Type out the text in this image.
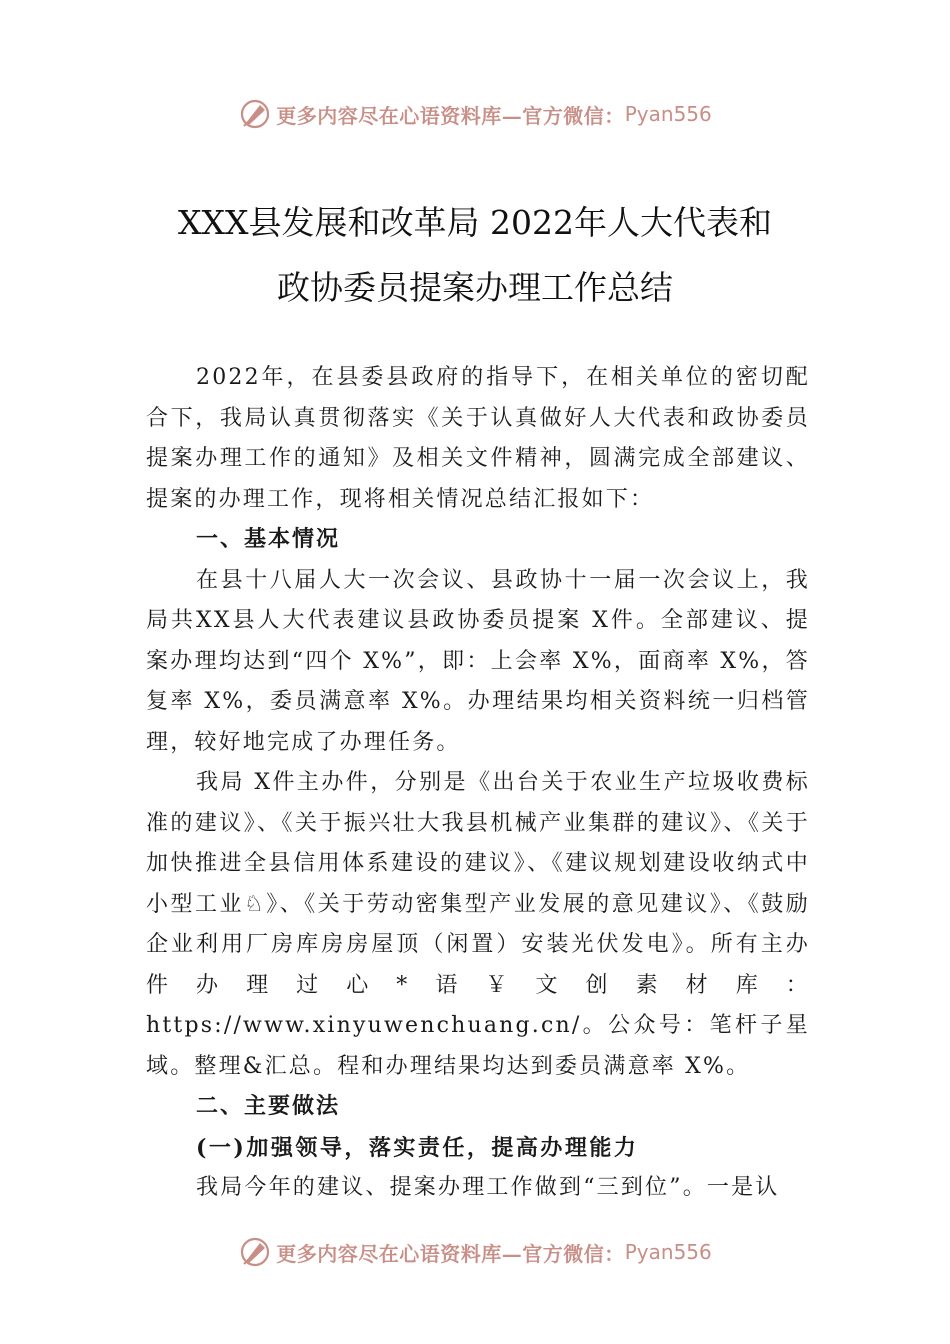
更多内容尽在心语资料库—官方微信： Pyan556
XXX县发展和改革局 2022年人大代表和
政协委员提案办理工作总结

2022年，在县委县政府的指导下，在相关单位的密切配合下，我局认真贯彻落实《关于认真做好人大代表和政协委员提案办理工作的通知》及相关文件精神，圆满完成全部建议、提案的办理工作，现将相关情况总结汇报如下：

一、基本情况

在县十八届人大一次会议、县政协十一届一次会议上，我局共XX县人大代表建议县政协委员提案 X件。全部建议、提案办理均达到“四个 X%”，即：上会率 X%，面商率 X%，答复率 X%，委员满意率 X%。办理结果均相关资料统一归档管理，较好地完成了办理任务。

我局 X件主办件，分别是《出台关于农业生产垃圾收费标准的建议》、《关于振兴壮大我县机械产业集群的建议》、《关于加快推进全县信用体系建设的建议》、《建议规划建设收纳式中小型工业♘》、《关于劳动密集型产业发展的意见建议》、《鼓励企业利用厂房库房房屋顶（闲置）安装光伏发电》。所有主办件办理过心*语￥文创素材库：https://www.xinyuwenchuang.cn/。公众号：笔杆子星域。整理&汇总。程和办理结果均达到委员满意率 X%。

二、主要做法

(一)加强领导，落实责任，提高办理能力

我局今年的建议、提案办理工作做到“三到位”。一是认

更多内容尽在心语资料库—官方微信： Pyan556
